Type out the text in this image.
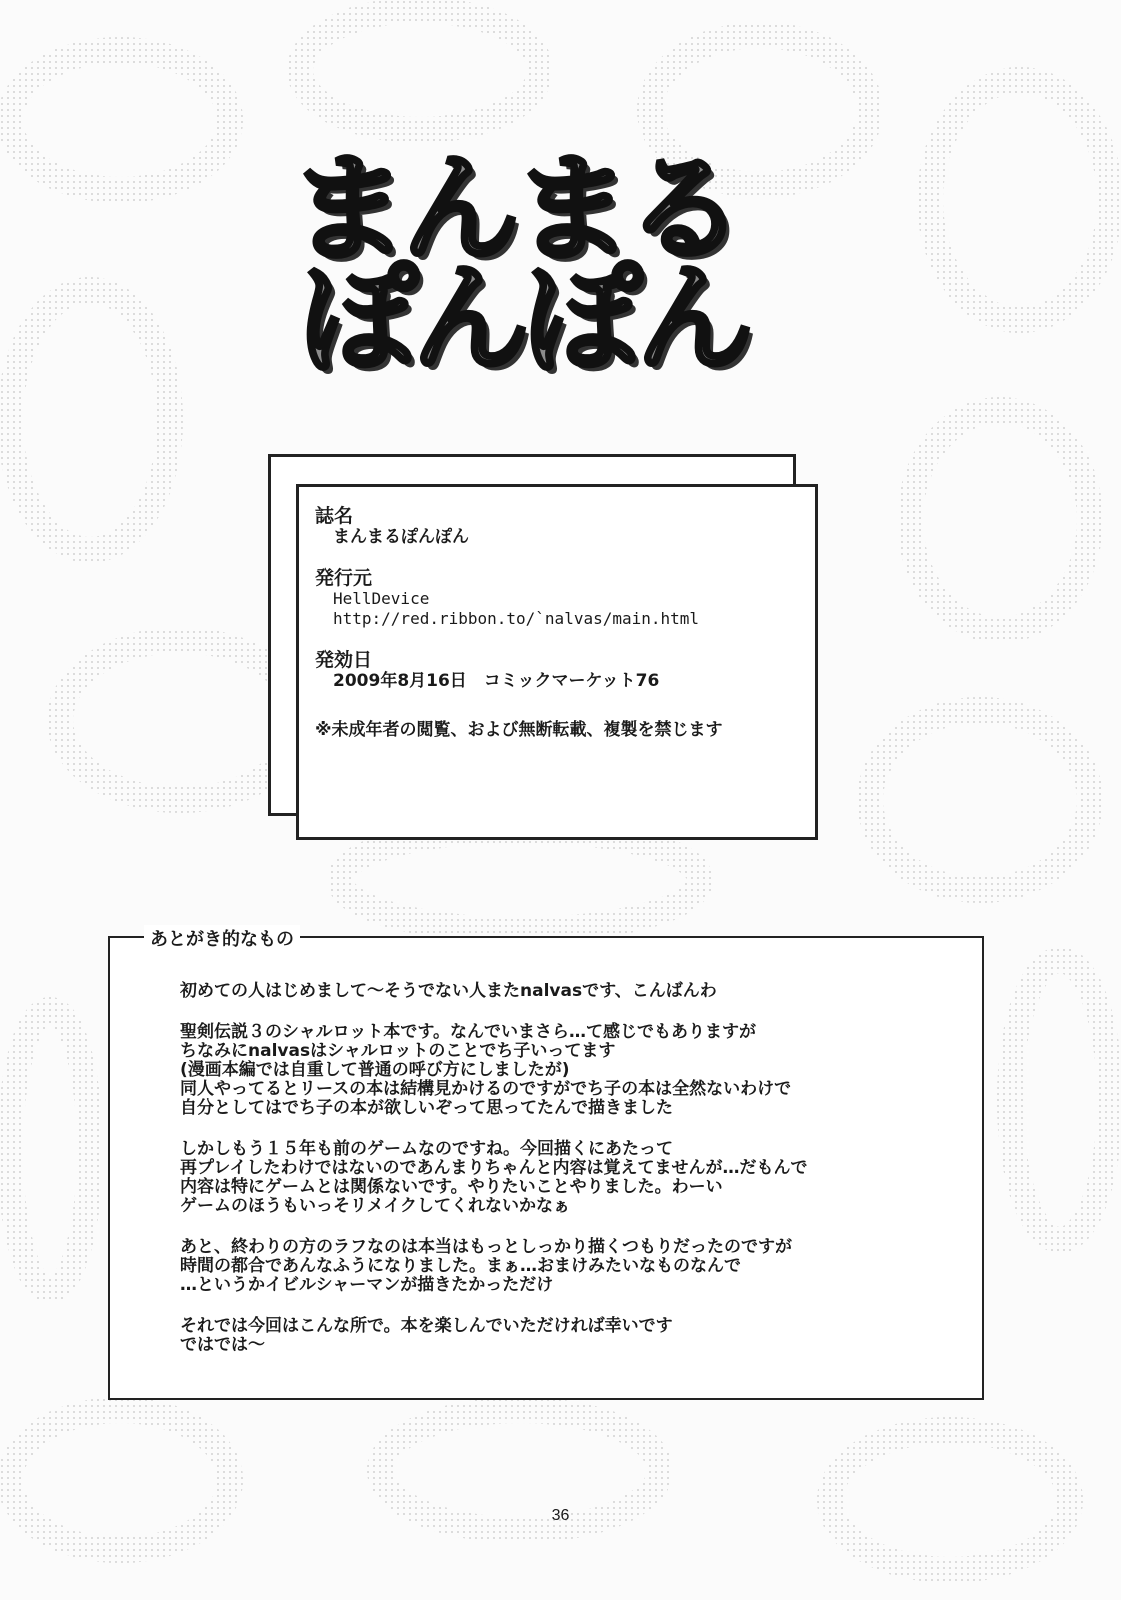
まんまる
ぽんぽん

誌名

まんまるぽんぽん

発行元

HellDevice

http://red.ribbon.to/`nalvas/main.html

発効日

2009年8月16日　コミックマーケット76

※未成年者の閲覧、および無断転載、複製を禁じます

あとがき的なもの
初めての人はじめまして～そうでない人またnalvasです、こんばんわ
聖剣伝説３のシャルロット本です。なんでいまさら…て感じでもありますが
ちなみにnalvasはシャルロットのことでち子いってます
(漫画本編では自重して普通の呼び方にしましたが)
同人やってるとリースの本は結構見かけるのですがでち子の本は全然ないわけで
自分としてはでち子の本が欲しいぞって思ってたんで描きました
しかしもう１５年も前のゲームなのですね。今回描くにあたって
再プレイしたわけではないのであんまりちゃんと内容は覚えてませんが…だもんで
内容は特にゲームとは関係ないです。やりたいことやりました。わーい
ゲームのほうもいっそリメイクしてくれないかなぁ
あと、終わりの方のラフなのは本当はもっとしっかり描くつもりだったのですが
時間の都合であんなふうになりました。まぁ…おまけみたいなものなんで
…というかイビルシャーマンが描きたかっただけ
それでは今回はこんな所で。本を楽しんでいただければ幸いです
ではでは～
36
